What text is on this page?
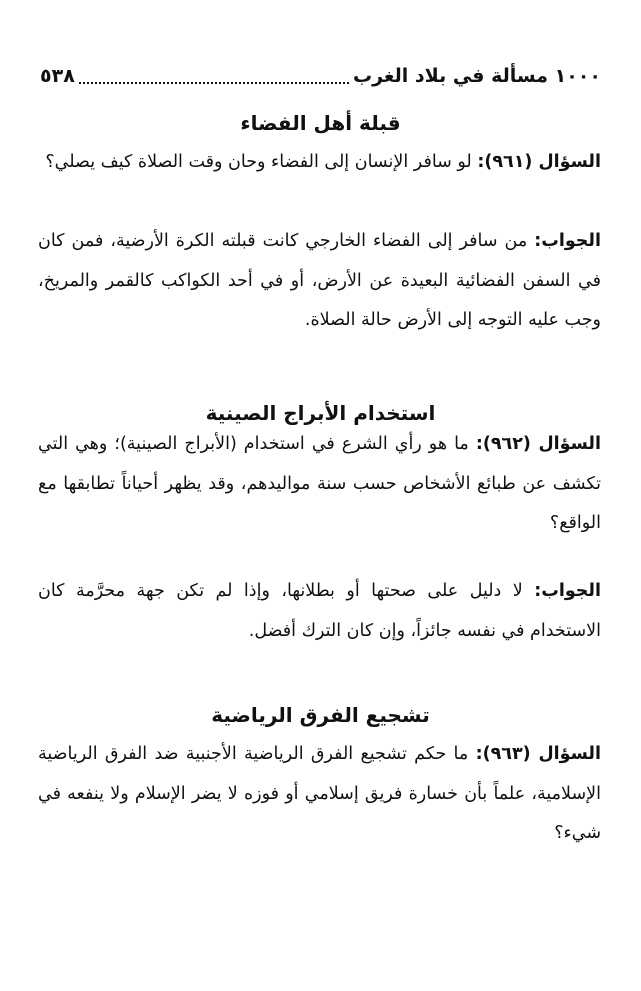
١٠٠٠ مسألة في بلاد الغرب
٥٣٨
قبلة أهل الفضاء
السؤال (٩٦١): لو سافر الإنسان إلى الفضاء وحان وقت الصلاة كيف يصلي؟
الجواب: من سافر إلى الفضاء الخارجي كانت قبلته الكرة الأرضية، فمن كان في السفن الفضائية البعيدة عن الأرض، أو في أحد الكواكب كالقمر والمريخ، وجب عليه التوجه إلى الأرض حالة الصلاة.
استخدام الأبراج الصينية
السؤال (٩٦٢): ما هو رأي الشرع في استخدام (الأبراج الصينية)؛ وهي التي تكشف عن طبائع الأشخاص حسب سنة مواليدهم، وقد يظهر أحياناً تطابقها مع الواقع؟
الجواب: لا دليل على صحتها أو بطلانها، وإذا لم تكن جهة محرَّمة كان الاستخدام في نفسه جائزاً، وإن كان الترك أفضل.
تشجيع الفرق الرياضية
السؤال (٩٦٣): ما حكم تشجيع الفرق الرياضية الأجنبية ضد الفرق الرياضية الإسلامية، علماً بأن خسارة فريق إسلامي أو فوزه لا يضر الإسلام ولا ينفعه في شيء؟
